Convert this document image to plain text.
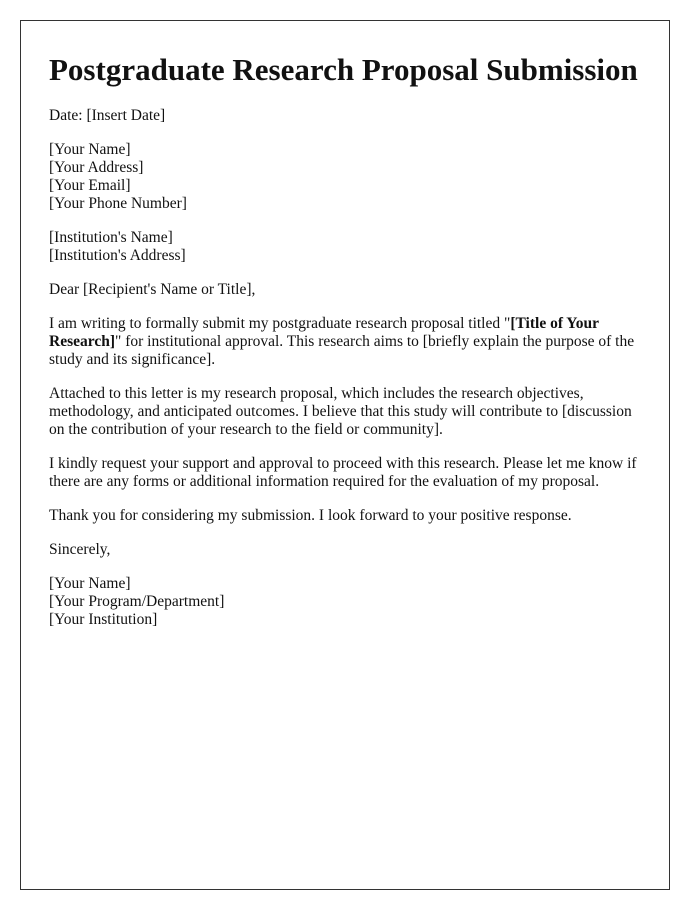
Postgraduate Research Proposal Submission

Date: [Insert Date]

[Your Name]
[Your Address]
[Your Email]
[Your Phone Number]
[Institution's Name]
[Institution's Address]

Dear [Recipient's Name or Title],

I am writing to formally submit my postgraduate research proposal titled "[Title of Your Research]" for institutional approval. This research aims to [briefly explain the purpose of the study and its significance].

Attached to this letter is my research proposal, which includes the research objectives, methodology, and anticipated outcomes. I believe that this study will contribute to [discussion on the contribution of your research to the field or community].

I kindly request your support and approval to proceed with this research. Please let me know if there are any forms or additional information required for the evaluation of my proposal.

Thank you for considering my submission. I look forward to your positive response.

Sincerely,

[Your Name]
[Your Program/Department]
[Your Institution]
